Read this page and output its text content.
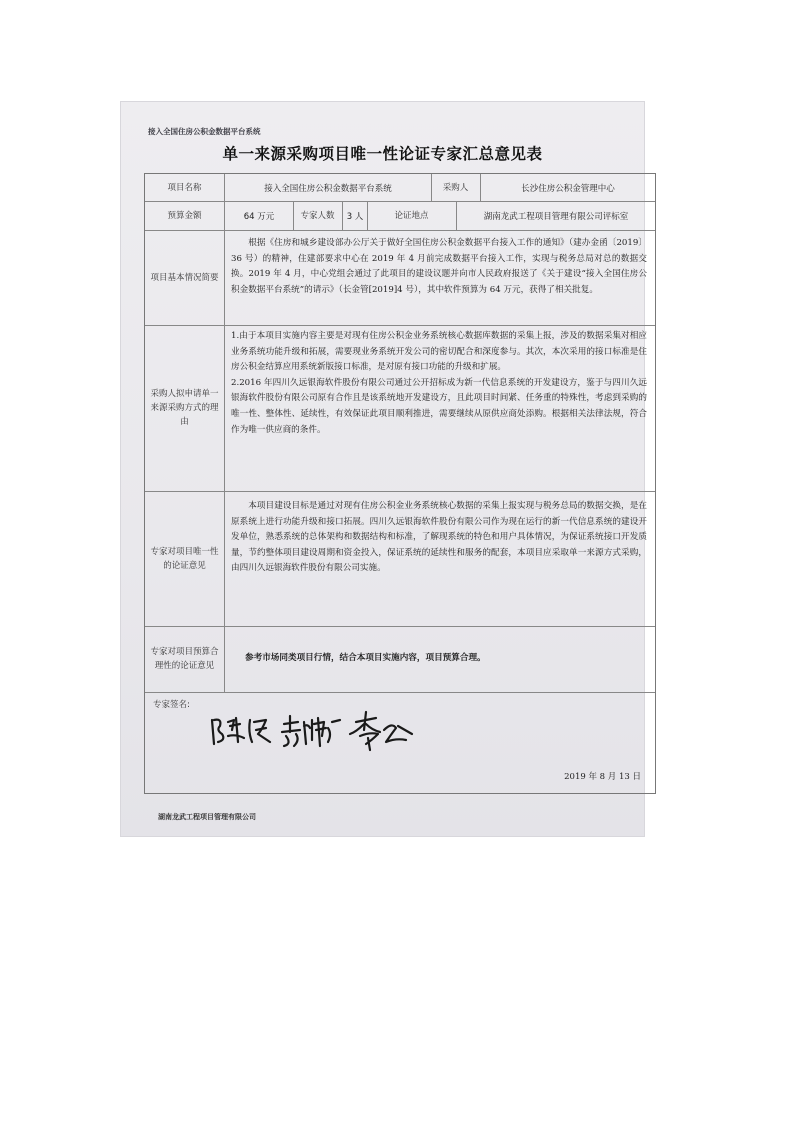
接入全国住房公积金数据平台系统
单一来源采购项目唯一性论证专家汇总意见表
项目名称	接入全国住房公积金数据平台系统	采购人	长沙住房公积金管理中心
预算金额	64 万元	专家人数	3 人	论证地点	湖南龙武工程项目管理有限公司评标室
项目基本情况简要

根据《住房和城乡建设部办公厅关于做好全国住房公积金数据平台接入工作的通知》（建办金函〔2019〕36 号）的精神，住建部要求中心在 2019 年 4 月前完成数据平台接入工作，实现与税务总局对总的数据交换。2019 年 4 月，中心党组会通过了此项目的建设议题并向市人民政府报送了《关于建设“接入全国住房公积金数据平台系统”的请示》（长金管[2019]4 号），其中软件预算为 64 万元，获得了相关批复。

采购人拟申请单一来源采购方式的理由

1.由于本项目实施内容主要是对现有住房公积金业务系统核心数据库数据的采集上报，涉及的数据采集对相应业务系统功能升级和拓展，需要现业务系统开发公司的密切配合和深度参与。其次，本次采用的接口标准是住房公积金结算应用系统新版接口标准，是对原有接口功能的升级和扩展。

2.2016 年四川久远银海软件股份有限公司通过公开招标成为新一代信息系统的开发建设方，鉴于与四川久远银海软件股份有限公司原有合作且是该系统地开发建设方，且此项目时间紧、任务重的特殊性，考虑到采购的唯一性、整体性、延续性，有效保证此项目顺利推进，需要继续从原供应商处添购。根据相关法律法规，符合作为唯一供应商的条件。

专家对项目唯一性的论证意见

本项目建设目标是通过对现有住房公积金业务系统核心数据的采集上报实现与税务总局的数据交换，是在原系统上进行功能升级和接口拓展。四川久远银海软件股份有限公司作为现在运行的新一代信息系统的建设开发单位，熟悉系统的总体架构和数据结构和标准，了解现系统的特色和用户具体情况，为保证系统接口开发质量，节约整体项目建设周期和资金投入，保证系统的延续性和服务的配套，本项目应采取单一来源方式采购，由四川久远银海软件股份有限公司实施。

专家对项目预算合理性的论证意见
参考市场同类项目行情，结合本项目实施内容，项目预算合理。
专家签名:
2019 年 8 月 13 日
湖南龙武工程项目管理有限公司
